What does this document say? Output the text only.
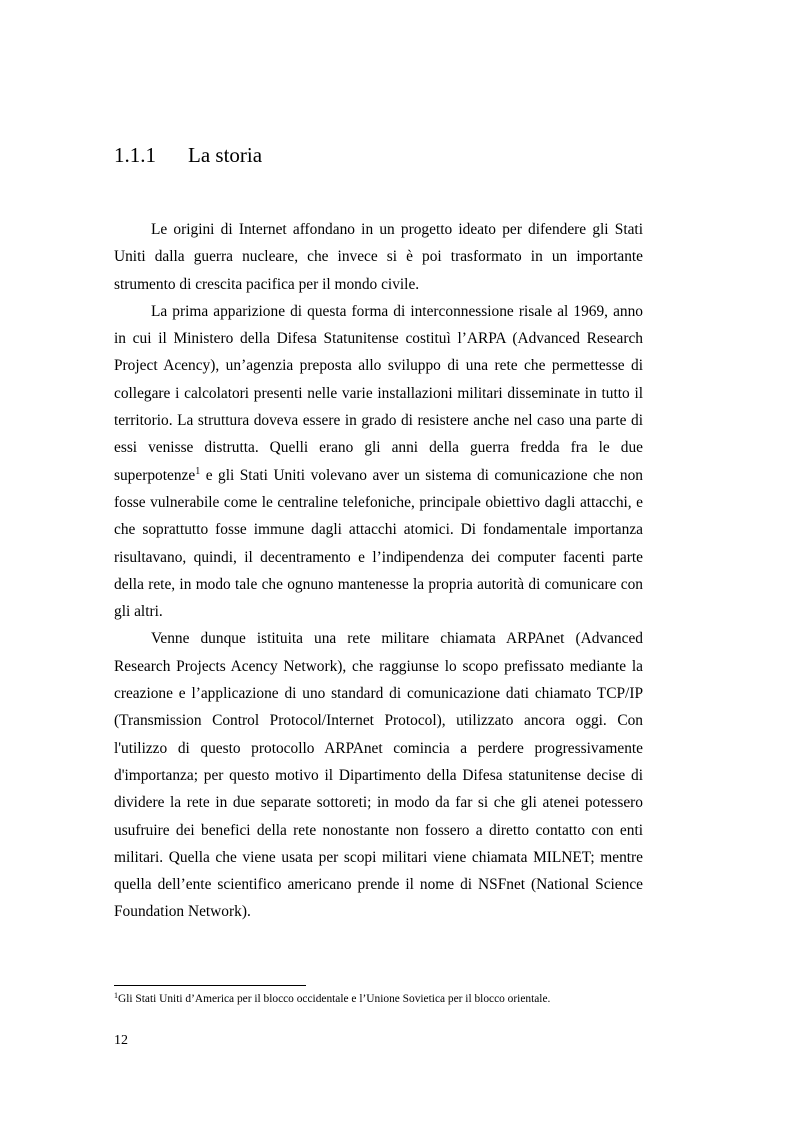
1.1.1 La storia

Le origini di Internet affondano in un progetto ideato per difendere gli Stati Uniti dalla guerra nucleare, che invece si è poi trasformato in un importante strumento di crescita pacifica per il mondo civile.

La prima apparizione di questa forma di interconnessione risale al 1969, anno in cui il Ministero della Difesa Statunitense costituì l’ARPA (Advanced Research Project Acency), un’agenzia preposta allo sviluppo di una rete che permettesse di collegare i calcolatori presenti nelle varie installazioni militari disseminate in tutto il territorio. La struttura doveva essere in grado di resistere anche nel caso una parte di essi venisse distrutta. Quelli erano gli anni della guerra fredda fra le due superpotenze$^1$ e gli Stati Uniti volevano aver un sistema di comunicazione che non fosse vulnerabile come le centraline telefoniche, principale obiettivo dagli attacchi, e che soprattutto fosse immune dagli attacchi atomici. Di fondamentale importanza risultavano, quindi, il decentramento e l’indipendenza dei computer facenti parte della rete, in modo tale che ognuno mantenesse la propria autorità di comunicare con gli altri.

Venne dunque istituita una rete militare chiamata ARPAnet (Advanced Research Projects Acency Network), che raggiunse lo scopo prefissato mediante la creazione e l’applicazione di uno standard di comunicazione dati chiamato TCP/IP (Transmission Control Protocol/Internet Protocol), utilizzato ancora oggi. Con l'utilizzo di questo protocollo ARPAnet comincia a perdere progressivamente d'importanza; per questo motivo il Dipartimento della Difesa statunitense decise di dividere la rete in due separate sottoreti; in modo da far si che gli atenei potessero usufruire dei benefici della rete nonostante non fossero a diretto contatto con enti militari. Quella che viene usata per scopi militari viene chiamata MILNET; mentre quella dell’ente scientifico americano prende il nome di NSFnet (National Science Foundation Network).

$^1$Gli Stati Uniti d’America per il blocco occidentale e l’Unione Sovietica per il blocco orientale.
12
